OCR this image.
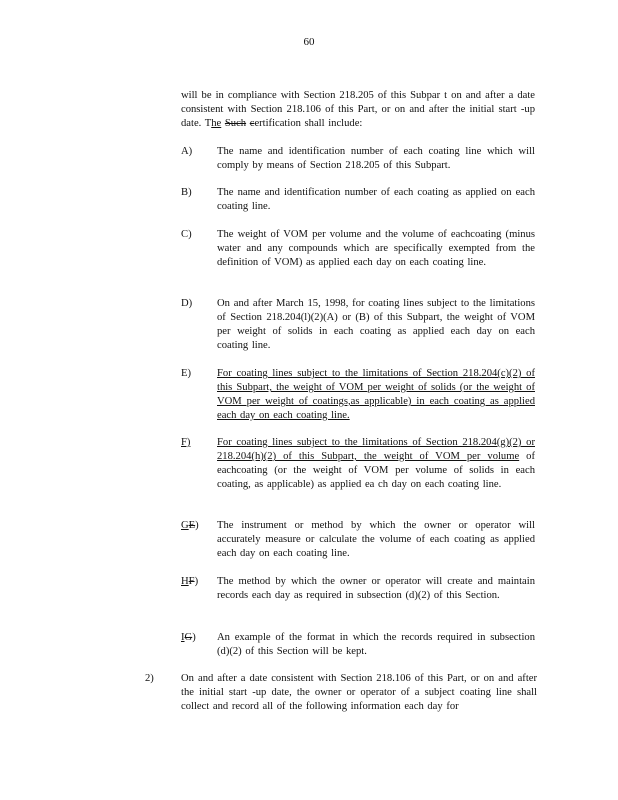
60
will be in compliance with Section 218.205 of this Subpar t on and after a date consistent with Section 218.106 of this Part, or on and after the initial start -up date. The Such certification shall include:
A)	The name and identification number of each coating line which will comply by means of Section 218.205 of this Subpart.
B)	The name and identification number of each coating as applied on each coating line.
C)	The weight of VOM per volume and the volume of eachcoating (minus water and any compounds which are specifically exempted from the definition of VOM) as applied each day on each coating line.
D)	On and after March 15, 1998, for coating lines subject to the limitations of Section 218.204(l)(2)(A) or (B) of this Subpart, the weight of VOM per weight of solids in each coating as applied each day on each coating line.
E)	For coating lines subject to the limitations of Section 218.204(c)(2) of this Subpart, the weight of VOM per weight of solids (or the weight of VOM per weight of coatings,as applicable) in each coating as applied each day on each coating line.
F)	For coating lines subject to the limitations of Section 218.204(g)(2) or 218.204(h)(2) of this Subpart, the weight of VOM per volume of eachcoating (or the weight of VOM per volume of solids in each coating, as applicable) as applied ea ch day on each coating line.
GE)	The instrument or method by which the owner or operator will accurately measure or calculate the volume of each coating as applied each day on each coating line.
HF)	The method by which the owner or operator will create and maintain records each day as required in subsection (d)(2) of this Section.
IG)	An example of the format in which the records required in subsection (d)(2) of this Section will be kept.
2)	On and after a date consistent with Section 218.106 of this Part, or on and after the initial start -up date, the owner or operator of a subject coating line shall collect and record all of the following information each day for
